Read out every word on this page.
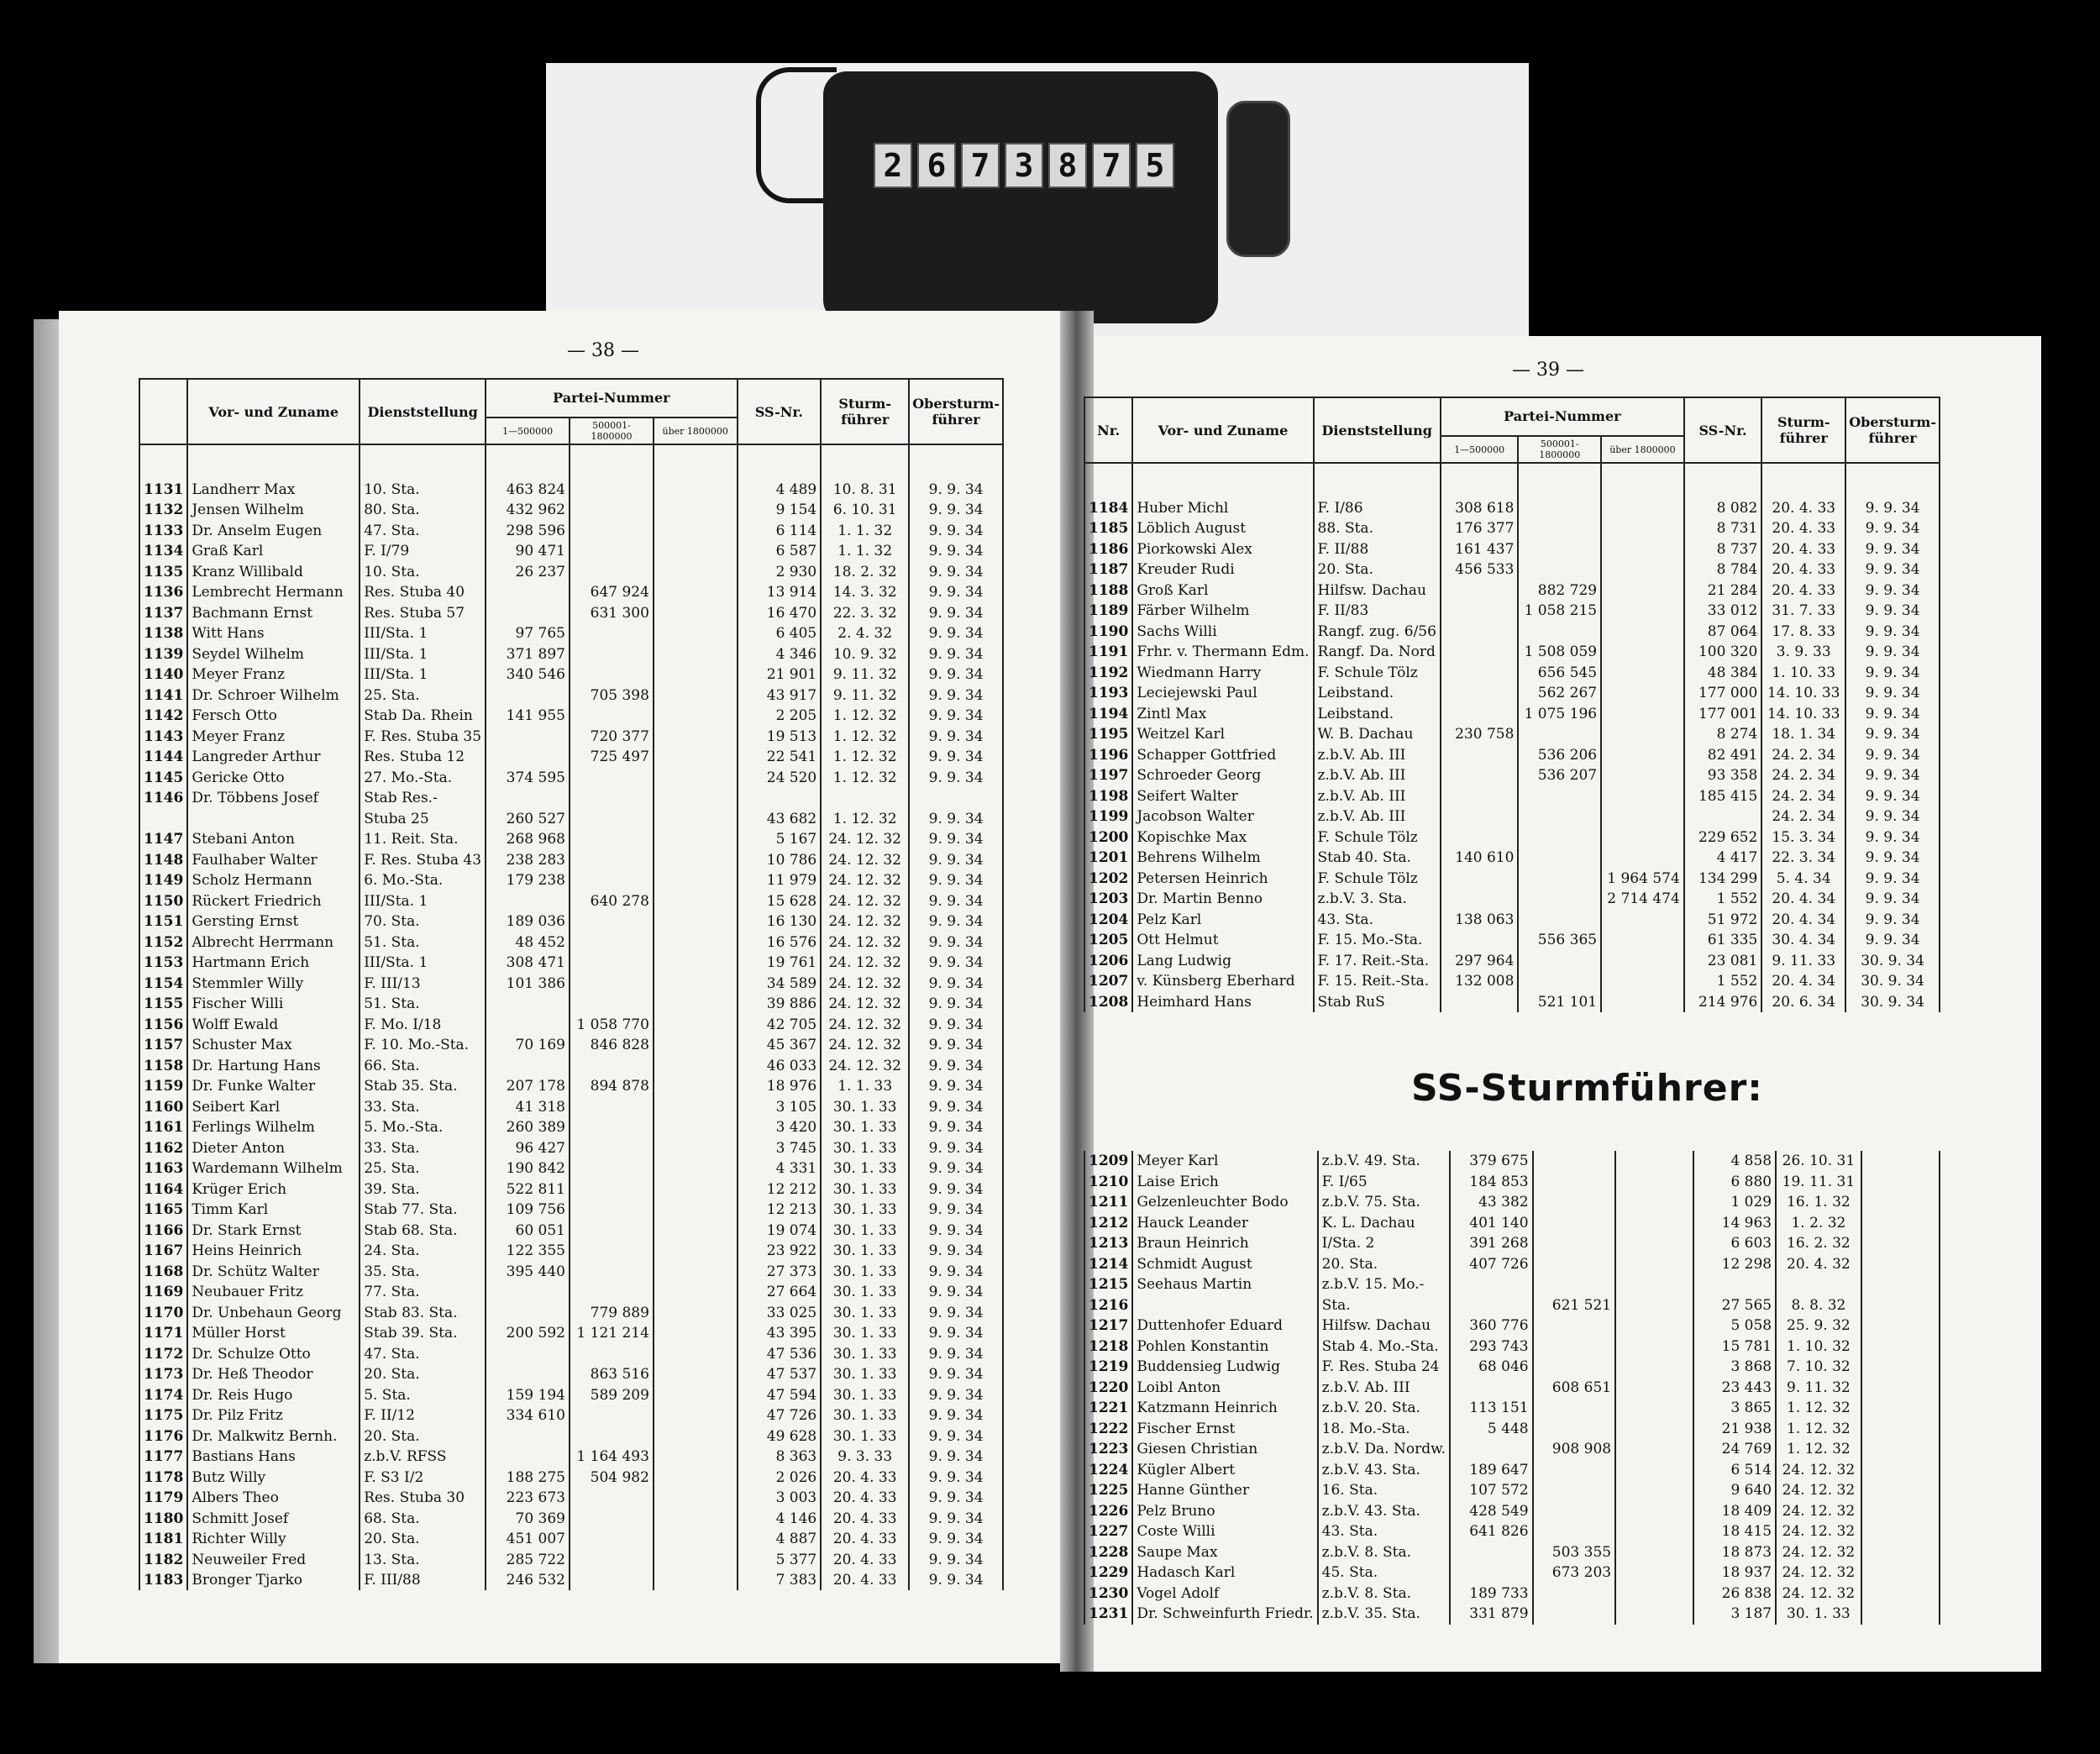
2 6 7 3 8 7 5
— 38 —
— 39 —
	Vor- und Zuname	Dienststellung	Partei-Nummer			SS-Nr.	Sturm-führer	Obersturm-führer
			1—500000	500001-1800000	über 1800000			

1131	Landherr Max	10. Sta.	463 824			4 489	10. 8. 31	9. 9. 34
1132	Jensen Wilhelm	80. Sta.	432 962			9 154	6. 10. 31	9. 9. 34
1133	Dr. Anselm Eugen	47. Sta.	298 596			6 114	1. 1. 32	9. 9. 34
1134	Graß Karl	F. I/79	90 471			6 587	1. 1. 32	9. 9. 34
1135	Kranz Willibald	10. Sta.	26 237			2 930	18. 2. 32	9. 9. 34
1136	Lembrecht Hermann	Res. Stuba 40		647 924		13 914	14. 3. 32	9. 9. 34
1137	Bachmann Ernst	Res. Stuba 57		631 300		16 470	22. 3. 32	9. 9. 34
1138	Witt Hans	III/Sta. 1	97 765			6 405	2. 4. 32	9. 9. 34
1139	Seydel Wilhelm	III/Sta. 1	371 897			4 346	10. 9. 32	9. 9. 34
1140	Meyer Franz	III/Sta. 1	340 546			21 901	9. 11. 32	9. 9. 34
1141	Dr. Schroer Wilhelm	25. Sta.		705 398		43 917	9. 11. 32	9. 9. 34
1142	Fersch Otto	Stab Da. Rhein	141 955			2 205	1. 12. 32	9. 9. 34
1143	Meyer Franz	F. Res. Stuba 35		720 377		19 513	1. 12. 32	9. 9. 34
1144	Langreder Arthur	Res. Stuba 12		725 497		22 541	1. 12. 32	9. 9. 34
1145	Gericke Otto	27. Mo.-Sta.	374 595			24 520	1. 12. 32	9. 9. 34
1146	Dr. Többens Josef	Stab Res.-						
		Stuba 25	260 527			43 682	1. 12. 32	9. 9. 34
1147	Stebani Anton	11. Reit. Sta.	268 968			5 167	24. 12. 32	9. 9. 34
1148	Faulhaber Walter	F. Res. Stuba 43	238 283			10 786	24. 12. 32	9. 9. 34
1149	Scholz Hermann	6. Mo.-Sta.	179 238			11 979	24. 12. 32	9. 9. 34
1150	Rückert Friedrich	III/Sta. 1		640 278		15 628	24. 12. 32	9. 9. 34
1151	Gersting Ernst	70. Sta.	189 036			16 130	24. 12. 32	9. 9. 34
1152	Albrecht Herrmann	51. Sta.	48 452			16 576	24. 12. 32	9. 9. 34
1153	Hartmann Erich	III/Sta. 1	308 471			19 761	24. 12. 32	9. 9. 34
1154	Stemmler Willy	F. III/13	101 386			34 589	24. 12. 32	9. 9. 34
1155	Fischer Willi	51. Sta.				39 886	24. 12. 32	9. 9. 34
1156	Wolff Ewald	F. Mo. I/18		1 058 770		42 705	24. 12. 32	9. 9. 34
1157	Schuster Max	F. 10. Mo.-Sta.	70 169	846 828		45 367	24. 12. 32	9. 9. 34
1158	Dr. Hartung Hans	66. Sta.				46 033	24. 12. 32	9. 9. 34
1159	Dr. Funke Walter	Stab 35. Sta.	207 178	894 878		18 976	1. 1. 33	9. 9. 34
1160	Seibert Karl	33. Sta.	41 318			3 105	30. 1. 33	9. 9. 34
1161	Ferlings Wilhelm	5. Mo.-Sta.	260 389			3 420	30. 1. 33	9. 9. 34
1162	Dieter Anton	33. Sta.	96 427			3 745	30. 1. 33	9. 9. 34
1163	Wardemann Wilhelm	25. Sta.	190 842			4 331	30. 1. 33	9. 9. 34
1164	Krüger Erich	39. Sta.	522 811			12 212	30. 1. 33	9. 9. 34
1165	Timm Karl	Stab 77. Sta.	109 756			12 213	30. 1. 33	9. 9. 34
1166	Dr. Stark Ernst	Stab 68. Sta.	60 051			19 074	30. 1. 33	9. 9. 34
1167	Heins Heinrich	24. Sta.	122 355			23 922	30. 1. 33	9. 9. 34
1168	Dr. Schütz Walter	35. Sta.	395 440			27 373	30. 1. 33	9. 9. 34
1169	Neubauer Fritz	77. Sta.				27 664	30. 1. 33	9. 9. 34
1170	Dr. Unbehaun Georg	Stab 83. Sta.		779 889		33 025	30. 1. 33	9. 9. 34
1171	Müller Horst	Stab 39. Sta.	200 592	1 121 214		43 395	30. 1. 33	9. 9. 34
1172	Dr. Schulze Otto	47. Sta.				47 536	30. 1. 33	9. 9. 34
1173	Dr. Heß Theodor	20. Sta.		863 516		47 537	30. 1. 33	9. 9. 34
1174	Dr. Reis Hugo	5. Sta.	159 194	589 209		47 594	30. 1. 33	9. 9. 34
1175	Dr. Pilz Fritz	F. II/12	334 610			47 726	30. 1. 33	9. 9. 34
1176	Dr. Malkwitz Bernh.	20. Sta.				49 628	30. 1. 33	9. 9. 34
1177	Bastians Hans	z.b.V. RFSS		1 164 493		8 363	9. 3. 33	9. 9. 34
1178	Butz Willy	F. S3 I/2	188 275	504 982		2 026	20. 4. 33	9. 9. 34
1179	Albers Theo	Res. Stuba 30	223 673			3 003	20. 4. 33	9. 9. 34
1180	Schmitt Josef	68. Sta.	70 369			4 146	20. 4. 33	9. 9. 34
1181	Richter Willy	20. Sta.	451 007			4 887	20. 4. 33	9. 9. 34
1182	Neuweiler Fred	13. Sta.	285 722			5 377	20. 4. 33	9. 9. 34
1183	Bronger Tjarko	F. III/88	246 532			7 383	20. 4. 33	9. 9. 34
Nr.	Vor- und Zuname	Dienststellung	Partei-Nummer			SS-Nr.	Sturm-führer	Obersturm-führer
			1—500000	500001-1800000	über 1800000			

1184	Huber Michl	F. I/86	308 618			8 082	20. 4. 33	9. 9. 34
1185	Löblich August	88. Sta.	176 377			8 731	20. 4. 33	9. 9. 34
1186	Piorkowski Alex	F. II/88	161 437			8 737	20. 4. 33	9. 9. 34
1187	Kreuder Rudi	20. Sta.	456 533			8 784	20. 4. 33	9. 9. 34
1188	Groß Karl	Hilfsw. Dachau		882 729		21 284	20. 4. 33	9. 9. 34
1189	Färber Wilhelm	F. II/83		1 058 215		33 012	31. 7. 33	9. 9. 34
1190	Sachs Willi	Rangf. zug. 6/56				87 064	17. 8. 33	9. 9. 34
1191	Frhr. v. Thermann Edm.	Rangf. Da. Nord		1 508 059		100 320	3. 9. 33	9. 9. 34
1192	Wiedmann Harry	F. Schule Tölz		656 545		48 384	1. 10. 33	9. 9. 34
1193	Leciejewski Paul	Leibstand.		562 267		177 000	14. 10. 33	9. 9. 34
1194	Zintl Max	Leibstand.		1 075 196		177 001	14. 10. 33	9. 9. 34
1195	Weitzel Karl	W. B. Dachau	230 758			8 274	18. 1. 34	9. 9. 34
1196	Schapper Gottfried	z.b.V. Ab. III		536 206		82 491	24. 2. 34	9. 9. 34
1197	Schroeder Georg	z.b.V. Ab. III		536 207		93 358	24. 2. 34	9. 9. 34
1198	Seifert Walter	z.b.V. Ab. III				185 415	24. 2. 34	9. 9. 34
1199	Jacobson Walter	z.b.V. Ab. III					24. 2. 34	9. 9. 34
1200	Kopischke Max	F. Schule Tölz				229 652	15. 3. 34	9. 9. 34
1201	Behrens Wilhelm	Stab 40. Sta.	140 610			4 417	22. 3. 34	9. 9. 34
1202	Petersen Heinrich	F. Schule Tölz			1 964 574	134 299	5. 4. 34	9. 9. 34
1203	Dr. Martin Benno	z.b.V. 3. Sta.			2 714 474	1 552	20. 4. 34	9. 9. 34
1204	Pelz Karl	43. Sta.	138 063			51 972	20. 4. 34	9. 9. 34
1205	Ott Helmut	F. 15. Mo.-Sta.		556 365		61 335	30. 4. 34	9. 9. 34
1206	Lang Ludwig	F. 17. Reit.-Sta.	297 964			23 081	9. 11. 33	30. 9. 34
1207	v. Künsberg Eberhard	F. 15. Reit.-Sta.	132 008			1 552	20. 4. 34	30. 9. 34
1208	Heimhard Hans	Stab RuS		521 101		214 976	20. 6. 34	30. 9. 34
SS-Sturmführer:
1209	Meyer Karl	z.b.V. 49. Sta.	379 675			4 858	26. 10. 31	
1210	Laise Erich	F. I/65	184 853			6 880	19. 11. 31	
1211	Gelzenleuchter Bodo	z.b.V. 75. Sta.	43 382			1 029	16. 1. 32	
1212	Hauck Leander	K. L. Dachau	401 140			14 963	1. 2. 32	
1213	Braun Heinrich	I/Sta. 2	391 268			6 603	16. 2. 32	
1214	Schmidt August	20. Sta.	407 726			12 298	20. 4. 32	
1215	Seehaus Martin	z.b.V. 15. Mo.-						
1216		Sta.		621 521		27 565	8. 8. 32	
1217	Duttenhofer Eduard	Hilfsw. Dachau	360 776			5 058	25. 9. 32	
1218	Pohlen Konstantin	Stab 4. Mo.-Sta.	293 743			15 781	1. 10. 32	
1219	Buddensieg Ludwig	F. Res. Stuba 24	68 046			3 868	7. 10. 32	
1220	Loibl Anton	z.b.V. Ab. III		608 651		23 443	9. 11. 32	
1221	Katzmann Heinrich	z.b.V. 20. Sta.	113 151			3 865	1. 12. 32	
1222	Fischer Ernst	18. Mo.-Sta.	5 448			21 938	1. 12. 32	
1223	Giesen Christian	z.b.V. Da. Nordw.		908 908		24 769	1. 12. 32	
1224	Kügler Albert	z.b.V. 43. Sta.	189 647			6 514	24. 12. 32	
1225	Hanne Günther	16. Sta.	107 572			9 640	24. 12. 32	
1226	Pelz Bruno	z.b.V. 43. Sta.	428 549			18 409	24. 12. 32	
1227	Coste Willi	43. Sta.	641 826			18 415	24. 12. 32	
1228	Saupe Max	z.b.V. 8. Sta.		503 355		18 873	24. 12. 32	
1229	Hadasch Karl	45. Sta.		673 203		18 937	24. 12. 32	
1230	Vogel Adolf	z.b.V. 8. Sta.	189 733			26 838	24. 12. 32	
1231	Dr. Schweinfurth Friedr.	z.b.V. 35. Sta.	331 879			3 187	30. 1. 33	
